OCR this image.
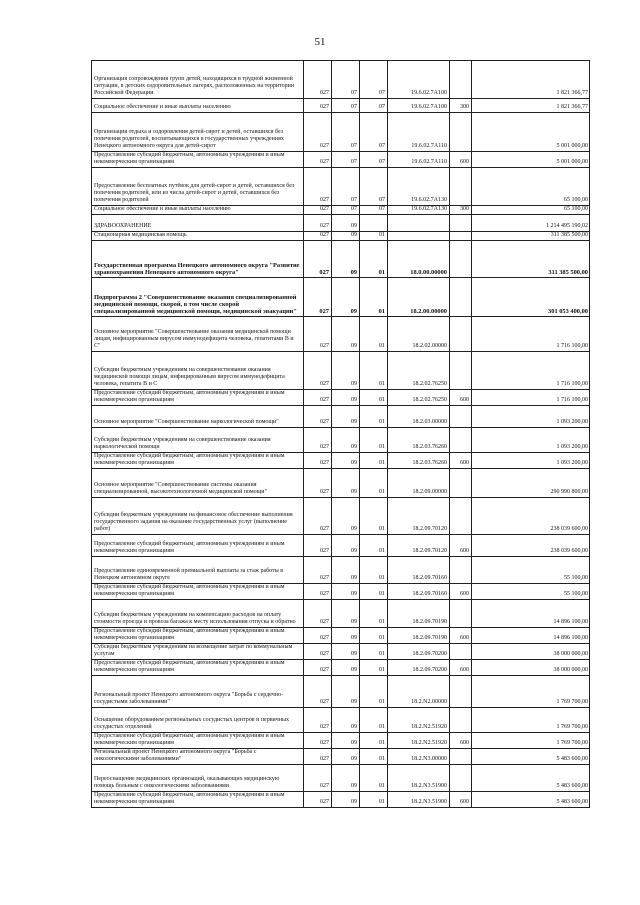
51
Организация сопровождения групп детей, находящихся в трудной жизненной ситуации, в детских оздоровительных лагерях, расположенных на территории Российской Федерации	027	07	07	19.6.02.7А100		1 821 366,77
Социальное обеспечение и иные выплаты населению	027	07	07	19.6.02.7А100	300	1 821 366,77
Организация отдыха и оздоровления детей-сирот и детей, оставшихся без попечения родителей, воспитывающихся в государственных учреждениях Ненецкого автономного округа для детей-сирот	027	07	07	19.6.02.7А110		5 001 000,00
Предоставление субсидий бюджетным, автономным учреждениям и иным некоммерческим организациям	027	07	07	19.6.02.7А110	600	5 001 000,00
Предоставление бесплатных путёвок для детей-сирот и детей, оставшихся без попечения родителей, или из числа детей-сирот и детей, оставшихся без попечения родителей	027	07	07	19.6.02.7А130		65 100,00
Социальное обеспечение и иные выплаты населению	027	07	07	19.6.02.7А130	300	65 100,00
ЗДРАВООХРАНЕНИЕ	027	09				1 214 495 190,02
Стационарная медицинская помощь	027	09	01			311 385 500,00
Государственная программа Ненецкого автономного округа "Развитие здравоохранения Ненецкого автономного округа"	027	09	01	18.0.00.00000		311 385 500,00
Подпрограмма 2 "Совершенствование оказания специализированной медицинской помощи, скорой, в том числе скорой специализированной медицинской помощи, медицинской эвакуации"	027	09	01	18.2.00.00000		301 053 400,00
Основное мероприятие "Совершенствование оказания медицинской помощи лицам, инфицированным вирусом иммунодефицита человека, гепатитами В и С"	027	09	01	18.2.02.00000		1 716 100,00
Субсидии бюджетным учреждениям на совершенствование оказания медицинской помощи лицам, инфицированным вирусом иммунодефицита человека, гепатита В и С	027	09	01	18.2.02.76250		1 716 100,00
Предоставление субсидий бюджетным, автономным учреждениям и иным некоммерческим организациям	027	09	01	18.2.02.76250	600	1 716 100,00
Основное мероприятие "Совершенствование наркологической помощи"	027	09	01	18.2.03.00000		1 093 200,00
Субсидии бюджетным учреждениям на совершенствование оказания наркологической помощи	027	09	01	18.2.03.76260		1 093 200,00
Предоставление субсидий бюджетным, автономным учреждениям и иным некоммерческим организациям	027	09	01	18.2.03.76260	600	1 093 200,00
Основное мероприятие "Совершенствование системы оказания специализированной, высокотехнологичной медицинской помощи"	027	09	01	18.2.09.00000		290 990 800,00
Субсидии бюджетным учреждениям на финансовое обеспечение выполнения государственного задания на оказание государственных услуг (выполнение работ)	027	09	01	18.2.09.70120		238 039 600,00
Предоставление субсидий бюджетным, автономным учреждениям и иным некоммерческим организациям	027	09	01	18.2.09.70120	600	238 039 600,00
Предоставление единовременной премиальной выплаты за стаж работы в Ненецком автономном округе	027	09	01	18.2.09.70160		55 100,00
Предоставление субсидий бюджетным, автономным учреждениям и иным некоммерческим организациям	027	09	01	18.2.09.70160	600	55 100,00
Субсидии бюджетным учреждениям на компенсацию расходов на оплату стоимости проезда и провоза багажа к месту использования отпуска и обратно	027	09	01	18.2.09.70190		14 896 100,00
Предоставление субсидий бюджетным, автономным учреждениям и иным некоммерческим организациям	027	09	01	18.2.09.70190	600	14 896 100,00
Субсидии бюджетным учреждениям на возмещение затрат по коммунальным услугам	027	09	01	18.2.09.70200		38 000 000,00
Предоставление субсидий бюджетным, автономным учреждениям и иным некоммерческим организациям	027	09	01	18.2.09.70200	600	38 000 000,00
Региональный проект Ненецкого автономного округа "Борьба с сердечно-сосудистыми заболеваниями"	027	09	01	18.2.N2.00000		1 769 700,00
Оснащение оборудованием региональных сосудистых центров и первичных сосудистых отделений	027	09	01	18.2.N2.51920		1 769 700,00
Предоставление субсидий бюджетным, автономным учреждениям и иным некоммерческим организациям	027	09	01	18.2.N2.51920	600	1 769 700,00
Региональный проект Ненецкого автономного округа "Борьба с онкологическими заболеваниями"	027	09	01	18.2.N3.00000		5 483 600,00
Переоснащение медицинских организаций, оказывающих медицинскую помощь больным с онкологическими заболеваниями	027	09	01	18.2.N3.51900		5 483 600,00
Предоставление субсидий бюджетным, автономным учреждениям и иным некоммерческим организациям	027	09	01	18.2.N3.51900	600	5 483 600,00
